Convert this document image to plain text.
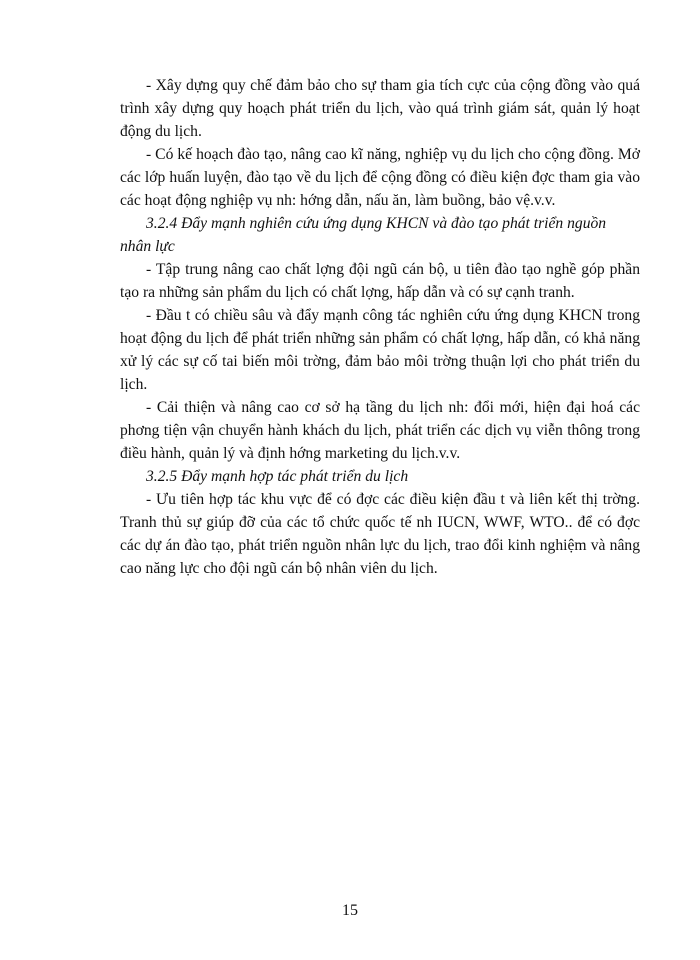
- Xây dựng quy chế đảm bảo cho sự tham gia tích cực của cộng đồng vào quá trình xây dựng quy hoạch phát triển du lịch, vào quá trình giám sát, quản lý hoạt động du lịch.

- Có kế hoạch đào tạo, nâng cao kĩ năng, nghiệp vụ du lịch cho cộng đồng. Mở các lớp huấn luyện, đào tạo về du lịch để cộng đồng có điều kiện đợc tham gia vào các hoạt động nghiệp vụ nh: hớng dẫn, nấu ăn, làm buồng, bảo vệ.v.v.

3.2.4 Đẩy mạnh nghiên cứu ứng dụng KHCN và đào tạo phát triển nguồn nhân lực

- Tập trung nâng cao chất lợng đội ngũ cán bộ, u tiên đào tạo nghề góp phần tạo ra những sản phẩm du lịch có chất lợng, hấp dẫn và có sự cạnh tranh.

- Đầu t có chiều sâu và đẩy mạnh công tác nghiên cứu ứng dụng KHCN trong hoạt động du lịch để phát triển những sản phẩm có chất lợng, hấp dẫn, có khả năng xử lý các sự cố tai biến môi trờng, đảm bảo môi trờng thuận lợi cho phát triển du lịch.

- Cải thiện và nâng cao cơ sở hạ tầng du lịch nh: đổi mới, hiện đại hoá các phơng tiện vận chuyển hành khách du lịch, phát triển các dịch vụ viễn thông trong điều hành, quản lý và định hớng marketing du lịch.v.v.

3.2.5 Đẩy mạnh hợp tác phát triển du lịch

- Ưu tiên hợp tác khu vực để có đợc các điều kiện đầu t và liên kết thị trờng. Tranh thủ sự giúp đỡ của các tổ chức quốc tế nh IUCN, WWF, WTO.. để có đợc các dự án đào tạo, phát triển nguồn nhân lực du lịch, trao đổi kinh nghiệm và nâng cao năng lực cho đội ngũ cán bộ nhân viên du lịch.

15
